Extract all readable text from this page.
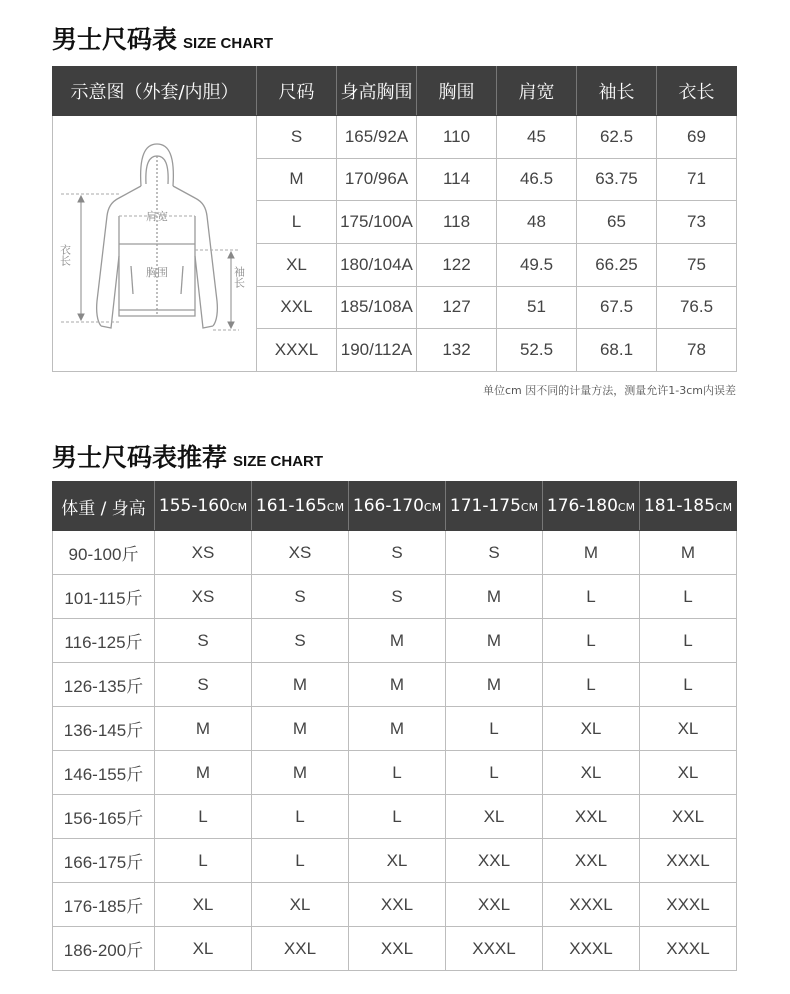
男士尺码表 SIZE CHART
示意图（外套/内胆）	尺码	身高胸围	胸围	肩宽	袖长	衣长

肩宽
胸围
衣长
袖长	S	165/92A	110	45	62.5	69
	M	170/96A	114	46.5	63.75	71
	L	175/100A	118	48	65	73
	XL	180/104A	122	49.5	66.25	75
	XXL	185/108A	127	51	67.5	76.5
	XXXL	190/112A	132	52.5	68.1	78
单位cm 因不同的计量方法，测量允许1-3cm内误差
男士尺码表推荐 SIZE CHART
体重 / 身高	155-160CM	161-165CM	166-170CM	171-175CM	176-180CM	181-185CM
90-100斤	XS	XS	S	S	M	M
101-115斤	XS	S	S	M	L	L
116-125斤	S	S	M	M	L	L
126-135斤	S	M	M	M	L	L
136-145斤	M	M	M	L	XL	XL
146-155斤	M	M	L	L	XL	XL
156-165斤	L	L	L	XL	XXL	XXL
166-175斤	L	L	XL	XXL	XXL	XXXL
176-185斤	XL	XL	XXL	XXL	XXXL	XXXL
186-200斤	XL	XXL	XXL	XXXL	XXXL	XXXL
